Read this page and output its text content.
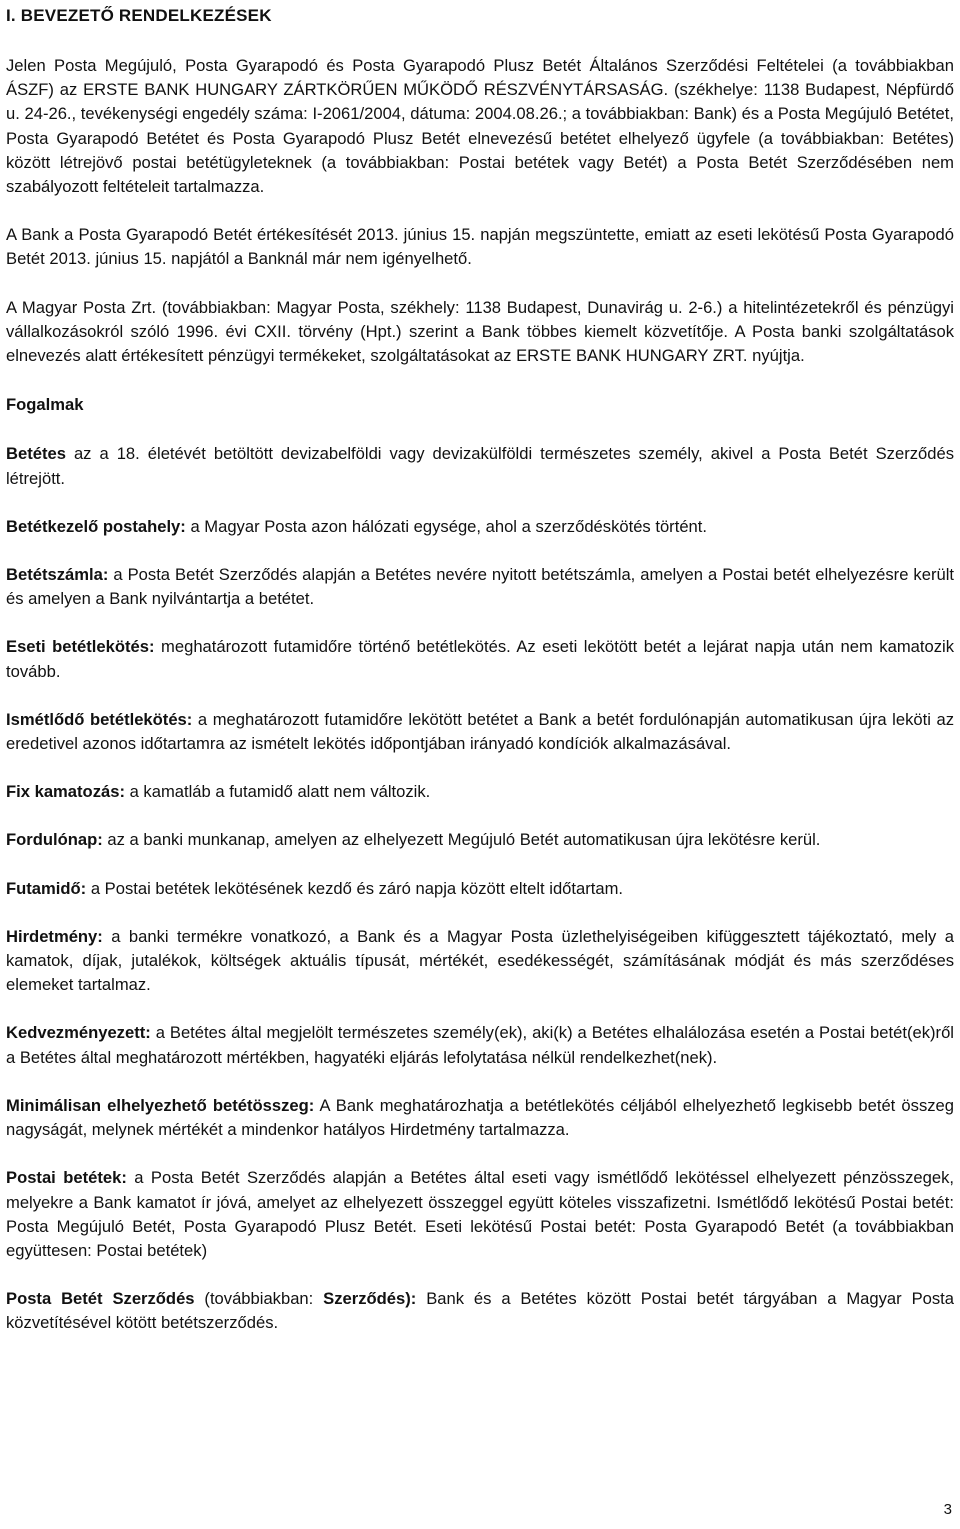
I. BEVEZETŐ RENDELKEZÉSEK

Jelen Posta Megújuló, Posta Gyarapodó és Posta Gyarapodó Plusz Betét Általános Szerződési Feltételei (a továbbiakban ÁSZF) az ERSTE BANK HUNGARY ZÁRTKÖRŰEN MŰKÖDŐ RÉSZVÉNYTÁRSASÁG. (székhelye: 1138 Budapest, Népfürdő u. 24-26., tevékenységi engedély száma: I-2061/2004, dátuma: 2004.08.26.; a továbbiakban: Bank) és a Posta Megújuló Betétet, Posta Gyarapodó Betétet és Posta Gyarapodó Plusz Betét elnevezésű betétet elhelyező ügyfele (a továbbiakban: Betétes) között létrejövő postai betétügyleteknek (a továbbiakban: Postai betétek vagy Betét) a Posta Betét Szerződésében nem szabályozott feltételeit tartalmazza.

A Bank a Posta Gyarapodó Betét értékesítését 2013. június 15. napján megszüntette, emiatt az eseti lekötésű Posta Gyarapodó Betét 2013. június 15. napjától a Banknál már nem igényelhető.

A Magyar Posta Zrt. (továbbiakban: Magyar Posta, székhely: 1138 Budapest, Dunavirág u. 2-6.) a hitelintézetekről és pénzügyi vállalkozásokról szóló 1996. évi CXII. törvény (Hpt.) szerint a Bank többes kiemelt közvetítője. A Posta banki szolgáltatások elnevezés alatt értékesített pénzügyi termékeket, szolgáltatásokat az ERSTE BANK HUNGARY ZRT. nyújtja.

Fogalmak

Betétes az a 18. életévét betöltött devizabelföldi vagy devizakülföldi természetes személy, akivel a Posta Betét Szerződés létrejött.

Betétkezelő postahely: a Magyar Posta azon hálózati egysége, ahol a szerződéskötés történt.

Betétszámla: a Posta Betét Szerződés alapján a Betétes nevére nyitott betétszámla, amelyen a Postai betét elhelyezésre került és amelyen a Bank nyilvántartja a betétet.

Eseti betétlekötés: meghatározott futamidőre történő betétlekötés. Az eseti lekötött betét a lejárat napja után nem kamatozik tovább.

Ismétlődő betétlekötés: a meghatározott futamidőre lekötött betétet a Bank a betét fordulónapján automatikusan újra leköti az eredetivel azonos időtartamra az ismételt lekötés időpontjában irányadó kondíciók alkalmazásával.

Fix kamatozás: a kamatláb a futamidő alatt nem változik.

Fordulónap: az a banki munkanap, amelyen az elhelyezett Megújuló Betét automatikusan újra lekötésre kerül.

Futamidő: a Postai betétek lekötésének kezdő és záró napja között eltelt időtartam.

Hirdetmény: a banki termékre vonatkozó, a Bank és a Magyar Posta üzlethelyiségeiben kifüggesztett tájékoztató, mely a kamatok, díjak, jutalékok, költségek aktuális típusát, mértékét, esedékességét, számításának módját és más szerződéses elemeket tartalmaz.

Kedvezményezett: a Betétes által megjelölt természetes személy(ek), aki(k) a Betétes elhalálozása esetén a Postai betét(ek)ről a Betétes által meghatározott mértékben, hagyatéki eljárás lefolytatása nélkül rendelkezhet(nek).

Minimálisan elhelyezhető betétösszeg: A Bank meghatározhatja a betétlekötés céljából elhelyezhető legkisebb betét összeg nagyságát, melynek mértékét a mindenkor hatályos Hirdetmény tartalmazza.

Postai betétek: a Posta Betét Szerződés alapján a Betétes által eseti vagy ismétlődő lekötéssel elhelyezett pénzösszegek, melyekre a Bank kamatot ír jóvá, amelyet az elhelyezett összeggel együtt köteles visszafizetni. Ismétlődő lekötésű Postai betét: Posta Megújuló Betét, Posta Gyarapodó Plusz Betét. Eseti lekötésű Postai betét: Posta Gyarapodó Betét (a továbbiakban együttesen: Postai betétek)

Posta Betét Szerződés (továbbiakban: Szerződés): Bank és a Betétes között Postai betét tárgyában a Magyar Posta közvetítésével kötött betétszerződés.

3
